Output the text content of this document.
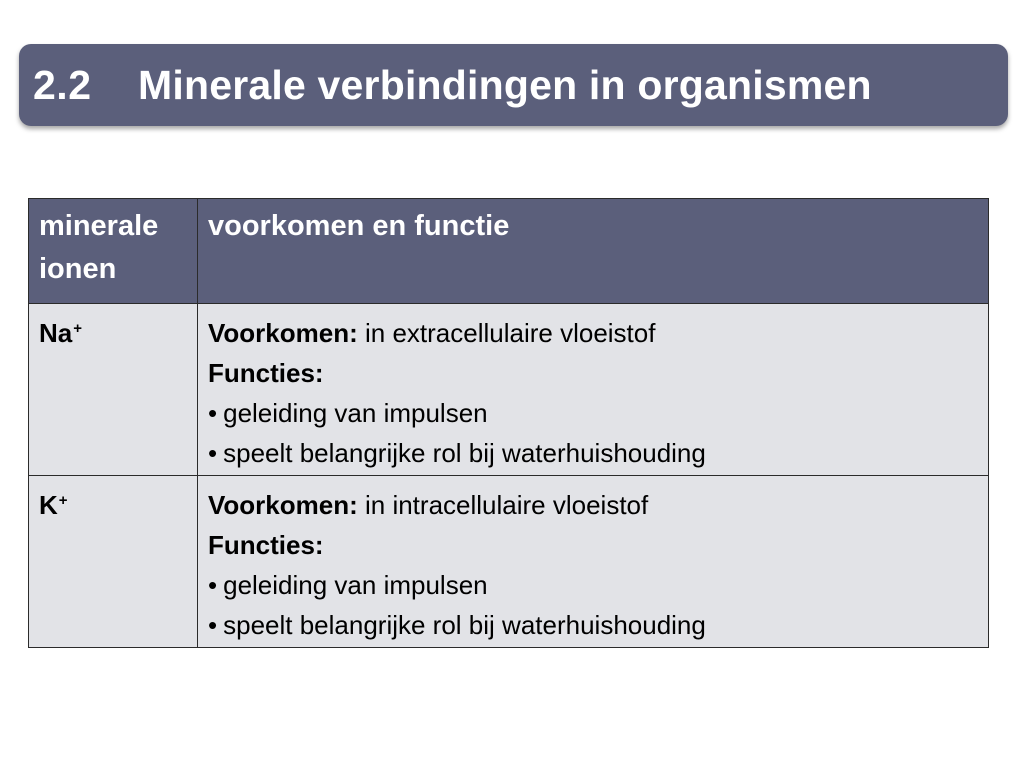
2.2	Minerale verbindingen in organismen
minerale ionen	voorkomen en functie
Na+	Voorkomen: in extracellulaire vloeistof
Functies:
• geleiding van impulsen
• speelt belangrijke rol bij waterhuishouding

K+	Voorkomen: in intracellulaire vloeistof
Functies:
• geleiding van impulsen
• speelt belangrijke rol bij waterhuishouding
